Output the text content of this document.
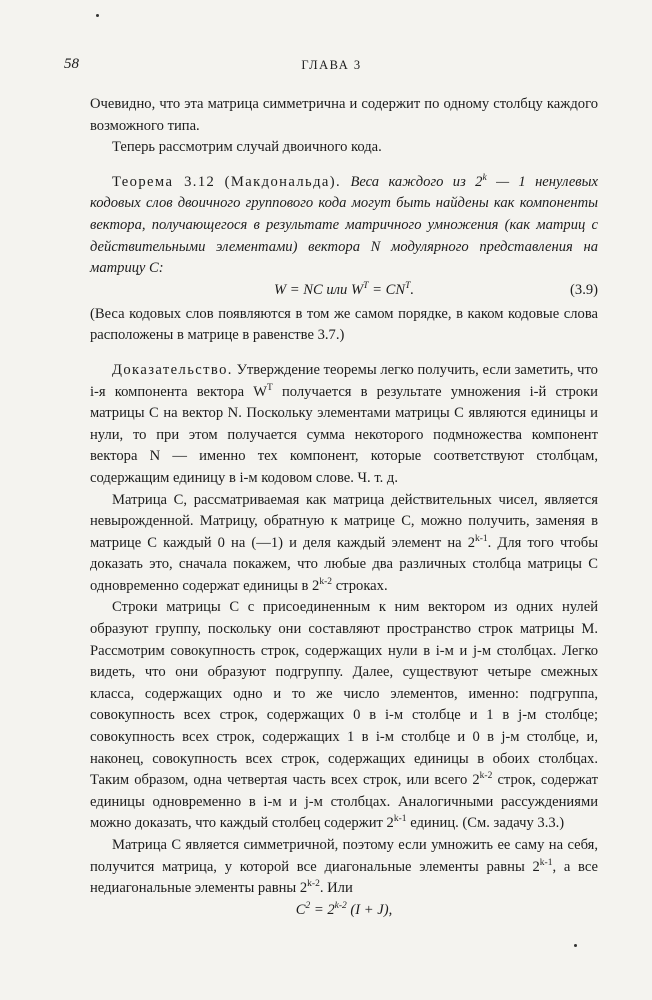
58	ГЛАВА 3

Очевидно, что эта матрица симметрична и содержит по одному столбцу каждого возможного типа.

Теперь рассмотрим случай двоичного кода.

Теорема 3.12 (Макдональда). Веса каждого из 2$^k$ — 1 ненулевых кодовых слов двоичного группового кода могут быть найдены как компоненты вектора, получающегося в результате матричного умножения (как матриц с действительными элементами) вектора N модулярного представления на матрицу C:

W = NC или $W^T = CN^T$.	(3.9)

(Веса кодовых слов появляются в том же самом порядке, в каком кодовые слова расположены в матрице в равенстве 3.7.)

Доказательство. Утверждение теоремы легко получить, если заметить, что i-я компонента вектора $W^T$ получается в результате умножения i-й строки матрицы C на вектор N. Поскольку элементами матрицы C являются единицы и нули, то при этом получается сумма некоторого подмножества компонент вектора N — именно тех компонент, которые соответствуют столбцам, содержащим единицу в i-м кодовом слове. Ч. т. д.

Матрица C, рассматриваемая как матрица действительных чисел, является невырожденной. Матрицу, обратную к матрице C, можно получить, заменяя в матрице C каждый 0 на (—1) и деля каждый элемент на 2$^{k-1}$. Для того чтобы доказать это, сначала покажем, что любые два различных столбца матрицы C одновременно содержат единицы в 2$^{k-2}$ строках.

Строки матрицы C с присоединенным к ним вектором из одних нулей образуют группу, поскольку они составляют пространство строк матрицы M. Рассмотрим совокупность строк, содержащих нули в i-м и j-м столбцах. Легко видеть, что они образуют подгруппу. Далее, существуют четыре смежных класса, содержащих одно и то же число элементов, именно: подгруппа, совокупность всех строк, содержащих 0 в i-м столбце и 1 в j-м столбце; совокупность всех строк, содержащих 1 в i-м столбце и 0 в j-м столбце, и, наконец, совокупность всех строк, содержащих единицы в обоих столбцах. Таким образом, одна четвертая часть всех строк, или всего 2$^{k-2}$ строк, содержат единицы одновременно в i-м и j-м столбцах. Аналогичными рассуждениями можно доказать, что каждый столбец содержит 2$^{k-1}$ единиц. (См. задачу 3.3.)

Матрица C является симметричной, поэтому если умножить ее саму на себя, получится матрица, у которой все диагональные элементы равны 2$^{k-1}$, а все недиагональные элементы равны 2$^{k-2}$. Или

$C^2 = 2^{k-2}$ (I + J),
